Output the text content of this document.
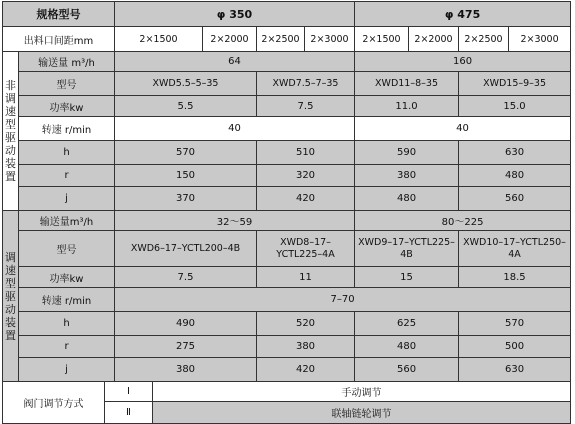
规格型号			φ 350					φ 475			
出料口间距mm			2×1500		2×2000	2×2500	2×3000	2×1500	2×2000	2×2500	2×3000
非调速型驱动装置	输送量 m³/h		64					160			
	型号		XWD5.5–5–35			XWD7.5–7–35		XWD11–8–35		XWD15–9–35	
	功率kw		5.5			7.5		11.0		15.0	
	转速 r/min		40					40			
	h		570			510		590		630	
	r		150			320		380		480	
	j		370			420		480		560	
调速型驱动装置	输送量m³/h		32～59					80～225			
	型号		XWD6–17–YCTL200–4B			XWD8–17–YCTL225–4A		XWD9–17–YCTL225–4B		XWD10–17–YCTL250–4A	
	功率kw		7.5			11		15		18.5	
	转速 r/min		7–70								
	h		490			520		625		570	
	r		275			380		480		500	
	j		380			420		560		630	
阀门调节方式		Ⅰ		手动调节							
		Ⅱ		联轴链轮调节							
